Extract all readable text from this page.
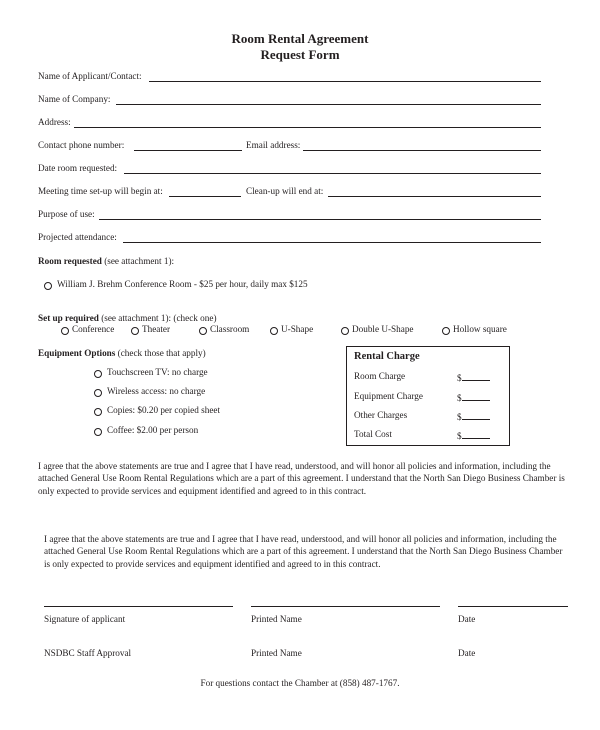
Room Rental Agreement
Request Form
Name of Applicant/Contact:
Name of Company:
Address:
Contact phone number:	Email address:
Date room requested:
Meeting time set-up will begin at:	Clean-up will end at:
Purpose of use:
Projected attendance:
Room requested (see attachment 1):
William J. Brehm Conference Room - $25 per hour, daily max $125
Set up required (see attachment 1): (check one)
Conference	Theater	Classroom	U-Shape	Double U-Shape	Hollow square
Equipment Options (check those that apply)
Touchscreen TV: no charge
Wireless access: no charge
Copies: $0.20 per copied sheet
Coffee: $2.00 per person
Rental Charge
Room Charge	$
Equipment Charge	$
Other Charges	$
Total Cost	$
I agree that the above statements are true and I agree that I have read, understood, and will honor all policies and information, including the attached General Use Room Rental Regulations which are a part of this agreement. I understand that the North San Diego Business Chamber is only expected to provide services and equipment identified and agreed to in this contract.
I agree that the above statements are true and I agree that I have read, understood, and will honor all policies and information, including the attached General Use Room Rental Regulations which are a part of this agreement. I understand that the North San Diego Business Chamber is only expected to provide services and equipment identified and agreed to in this contract.
Signature of applicant	Printed Name	Date
NSDBC Staff Approval	Printed Name	Date
For questions contact the Chamber at (858) 487-1767.
